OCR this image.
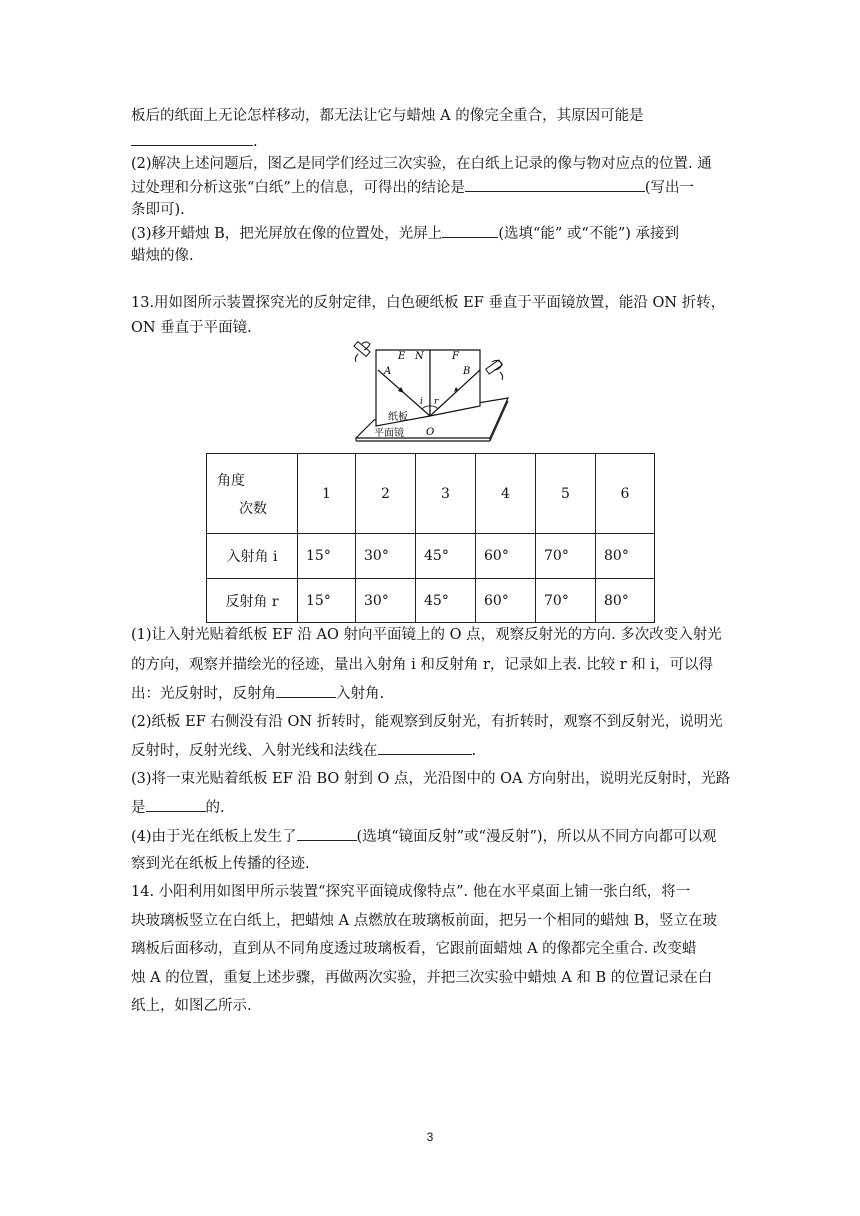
板后的纸面上无论怎样移动，都无法让它与蜡烛 A 的像完全重合，其原因可能是
.
(2)解决上述问题后，图乙是同学们经过三次实验，在白纸上记录的像与物对应点的位置. 通
过处理和分析这张“白纸”上的信息，可得出的结论是	(写出一
条即可).
(3)移开蜡烛 B，把光屏放在像的位置处，光屏上	(选填“能” 或“不能”) 承接到
蜡烛的像.
13.用如图所示装置探究光的反射定律，白色硬纸板 EF 垂直于平面镜放置，能沿 ON 折转，
ON 垂直于平面镜.
E N	F
A	B
i r
O
纸板
平面镜
角度
次数	1	2	3	4	5	6
入射角 i	15°	30°	45°	60°	70°	80°
反射角 r	15°	30°	45°	60°	70°	80°
(1)让入射光贴着纸板 EF 沿 AO 射向平面镜上的 O 点，观察反射光的方向. 多次改变入射光
的方向，观察并描绘光的径迹，量出入射角 i 和反射角 r，记录如上表. 比较 r 和 i，可以得
出：光反射时，反射角	入射角.
(2)纸板 EF 右侧没有沿 ON 折转时，能观察到反射光，有折转时，观察不到反射光，说明光
反射时，反射光线、入射光线和法线在	.
(3)将一束光贴着纸板 EF 沿 BO 射到 O 点，光沿图中的 OA 方向射出，说明光反射时，光路
是	的.
(4)由于光在纸板上发生了	(选填“镜面反射”或“漫反射”)，所以从不同方向都可以观
察到光在纸板上传播的径迹.
14. 小阳利用如图甲所示装置“探究平面镜成像特点”. 他在水平桌面上铺一张白纸，将一
块玻璃板竖立在白纸上，把蜡烛 A 点燃放在玻璃板前面，把另一个相同的蜡烛 B，竖立在玻
璃板后面移动，直到从不同角度透过玻璃板看，它跟前面蜡烛 A 的像都完全重合. 改变蜡
烛 A 的位置，重复上述步骤，再做两次实验，并把三次实验中蜡烛 A 和 B 的位置记录在白
纸上，如图乙所示.
3
